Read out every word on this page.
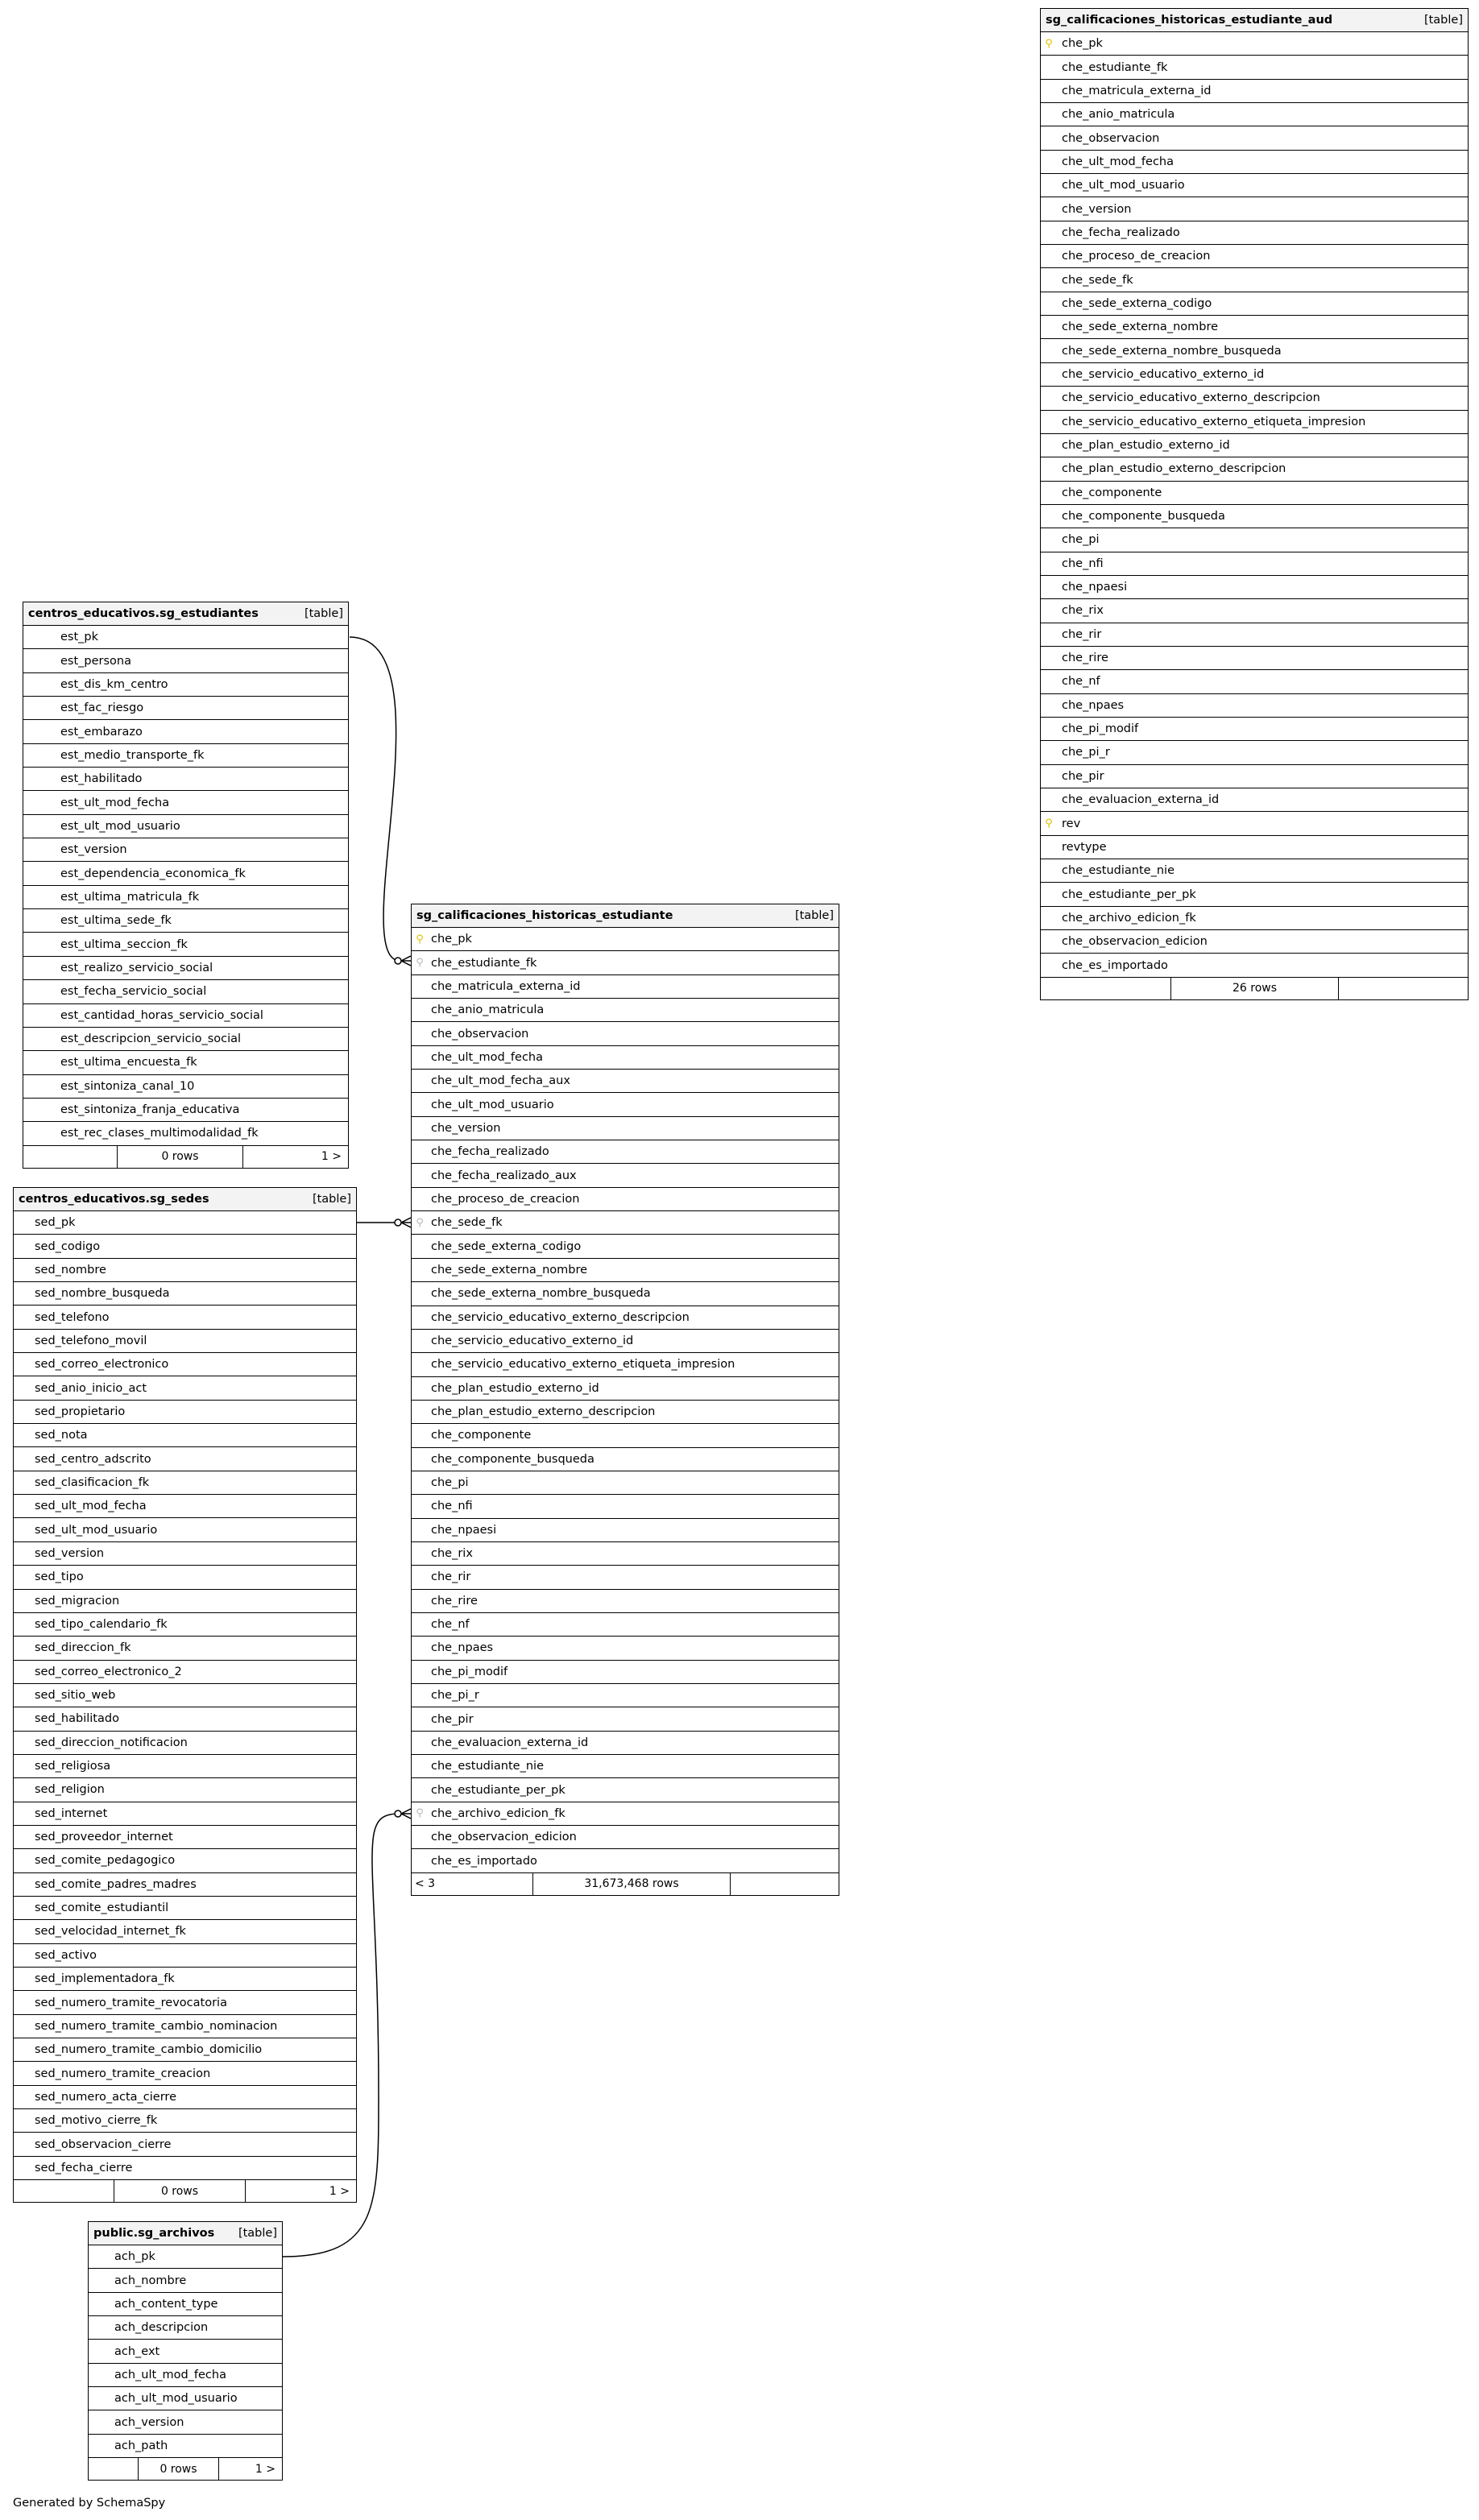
sg_calificaciones_historicas_estudiante_aud	[table]
⚲ che_pk
che_estudiante_fk
che_matricula_externa_id
che_anio_matricula
che_observacion
che_ult_mod_fecha
che_ult_mod_usuario
che_version
che_fecha_realizado
che_proceso_de_creacion
che_sede_fk
che_sede_externa_codigo
che_sede_externa_nombre
che_sede_externa_nombre_busqueda
che_servicio_educativo_externo_id
che_servicio_educativo_externo_descripcion
che_servicio_educativo_externo_etiqueta_impresion
che_plan_estudio_externo_id
che_plan_estudio_externo_descripcion
che_componente
che_componente_busqueda
che_pi
che_nfi
che_npaesi
che_rix
che_rir
che_rire
che_nf
che_npaes
che_pi_modif
che_pi_r
che_pir
che_evaluacion_externa_id
⚲ rev
revtype
che_estudiante_nie
che_estudiante_per_pk
che_archivo_edicion_fk
che_observacion_edicion
che_es_importado
26 rows
centros_educativos.sg_estudiantes	[table]
est_pk
est_persona
est_dis_km_centro
est_fac_riesgo
est_embarazo
est_medio_transporte_fk
est_habilitado
est_ult_mod_fecha
est_ult_mod_usuario
est_version
est_dependencia_economica_fk
est_ultima_matricula_fk
est_ultima_sede_fk
est_ultima_seccion_fk
est_realizo_servicio_social
est_fecha_servicio_social
est_cantidad_horas_servicio_social
est_descripcion_servicio_social
est_ultima_encuesta_fk
est_sintoniza_canal_10
est_sintoniza_franja_educativa
est_rec_clases_multimodalidad_fk
0 rows	1 >
sg_calificaciones_historicas_estudiante	[table]
⚲ che_pk
⚲ che_estudiante_fk
che_matricula_externa_id
che_anio_matricula
che_observacion
che_ult_mod_fecha
che_ult_mod_fecha_aux
che_ult_mod_usuario
che_version
che_fecha_realizado
che_fecha_realizado_aux
che_proceso_de_creacion
⚲ che_sede_fk
che_sede_externa_codigo
che_sede_externa_nombre
che_sede_externa_nombre_busqueda
che_servicio_educativo_externo_descripcion
che_servicio_educativo_externo_id
che_servicio_educativo_externo_etiqueta_impresion
che_plan_estudio_externo_id
che_plan_estudio_externo_descripcion
che_componente
che_componente_busqueda
che_pi
che_nfi
che_npaesi
che_rix
che_rir
che_rire
che_nf
che_npaes
che_pi_modif
che_pi_r
che_pir
che_evaluacion_externa_id
che_estudiante_nie
che_estudiante_per_pk
⚲ che_archivo_edicion_fk
che_observacion_edicion
che_es_importado
< 3	31,673,468 rows
centros_educativos.sg_sedes	[table]
sed_pk
sed_codigo
sed_nombre
sed_nombre_busqueda
sed_telefono
sed_telefono_movil
sed_correo_electronico
sed_anio_inicio_act
sed_propietario
sed_nota
sed_centro_adscrito
sed_clasificacion_fk
sed_ult_mod_fecha
sed_ult_mod_usuario
sed_version
sed_tipo
sed_migracion
sed_tipo_calendario_fk
sed_direccion_fk
sed_correo_electronico_2
sed_sitio_web
sed_habilitado
sed_direccion_notificacion
sed_religiosa
sed_religion
sed_internet
sed_proveedor_internet
sed_comite_pedagogico
sed_comite_padres_madres
sed_comite_estudiantil
sed_velocidad_internet_fk
sed_activo
sed_implementadora_fk
sed_numero_tramite_revocatoria
sed_numero_tramite_cambio_nominacion
sed_numero_tramite_cambio_domicilio
sed_numero_tramite_creacion
sed_numero_acta_cierre
sed_motivo_cierre_fk
sed_observacion_cierre
sed_fecha_cierre
0 rows	1 >
public.sg_archivos [table]
ach_pk
ach_nombre
ach_content_type
ach_descripcion
ach_ext
ach_ult_mod_fecha
ach_ult_mod_usuario
ach_version
ach_path
0 rows	1 >
Generated by SchemaSpy
